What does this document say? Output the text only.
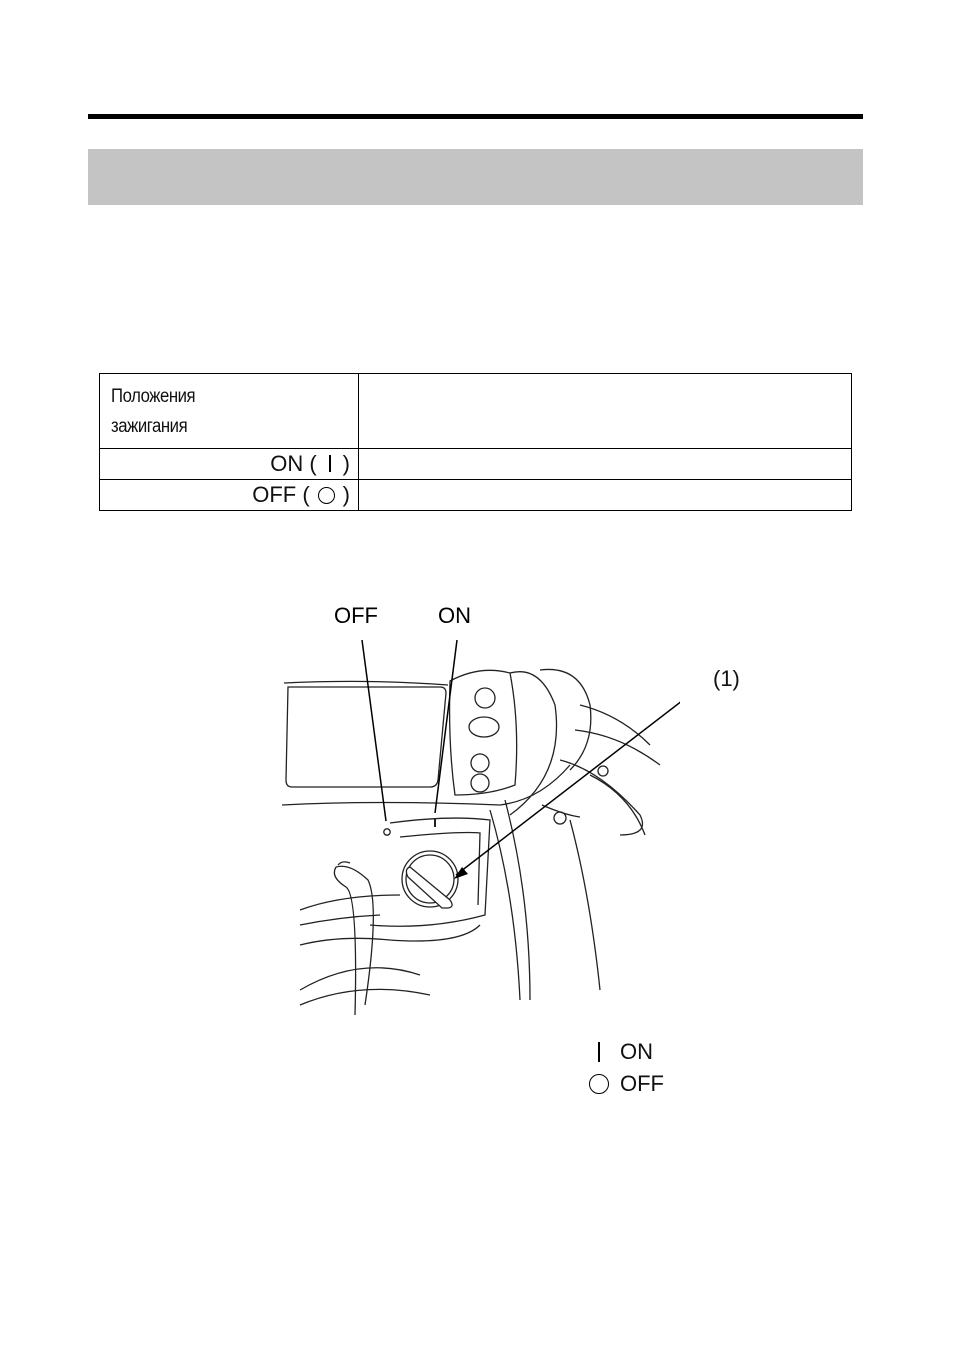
Положения
зажигания	
ON ( )	
OFF ( )	
OFF	ON
(1)
ON
OFF
